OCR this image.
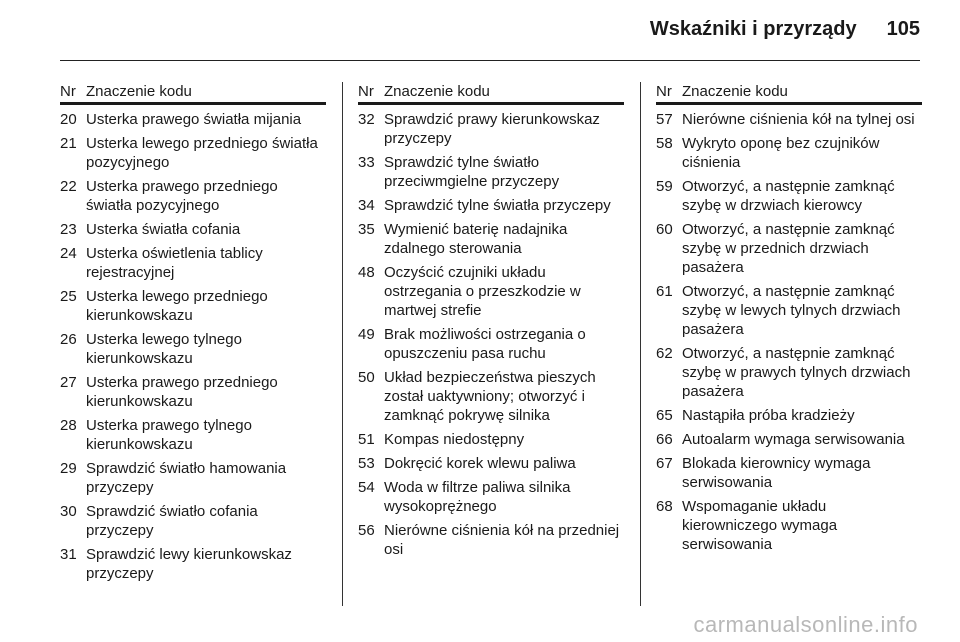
Wskaźniki i przyrządy 105
Nr Znaczenie kodu
20 Usterka prawego światła mijania
21 Usterka lewego przedniego światła pozycyjnego
22 Usterka prawego przedniego światła pozycyjnego
23 Usterka światła cofania
24 Usterka oświetlenia tablicy rejestracyjnej
25 Usterka lewego przedniego kierunkowskazu
26 Usterka lewego tylnego kierunkowskazu
27 Usterka prawego przedniego kierunkowskazu
28 Usterka prawego tylnego kierunkowskazu
29 Sprawdzić światło hamowania przyczepy
30 Sprawdzić światło cofania przyczepy
31 Sprawdzić lewy kierunkowskaz przyczepy
Nr Znaczenie kodu
32 Sprawdzić prawy kierunkowskaz przyczepy
33 Sprawdzić tylne światło przeciwmgielne przyczepy
34 Sprawdzić tylne światła przyczepy
35 Wymienić baterię nadajnika zdalnego sterowania
48 Oczyścić czujniki układu ostrzegania o przeszkodzie w martwej strefie
49 Brak możliwości ostrzegania o opuszczeniu pasa ruchu
50 Układ bezpieczeństwa pieszych został uaktywniony; otworzyć i zamknąć pokrywę silnika
51 Kompas niedostępny
53 Dokręcić korek wlewu paliwa
54 Woda w filtrze paliwa silnika wysokoprężnego
56 Nierówne ciśnienia kół na przedniej osi
Nr Znaczenie kodu
57 Nierówne ciśnienia kół na tylnej osi
58 Wykryto oponę bez czujników ciśnienia
59 Otworzyć, a następnie zamknąć szybę w drzwiach kierowcy
60 Otworzyć, a następnie zamknąć szybę w przednich drzwiach pasażera
61 Otworzyć, a następnie zamknąć szybę w lewych tylnych drzwiach pasażera
62 Otworzyć, a następnie zamknąć szybę w prawych tylnych drzwiach pasażera
65 Nastąpiła próba kradzieży
66 Autoalarm wymaga serwisowania
67 Blokada kierownicy wymaga serwisowania
68 Wspomaganie układu kierowniczego wymaga serwisowania
carmanualsonline.info
